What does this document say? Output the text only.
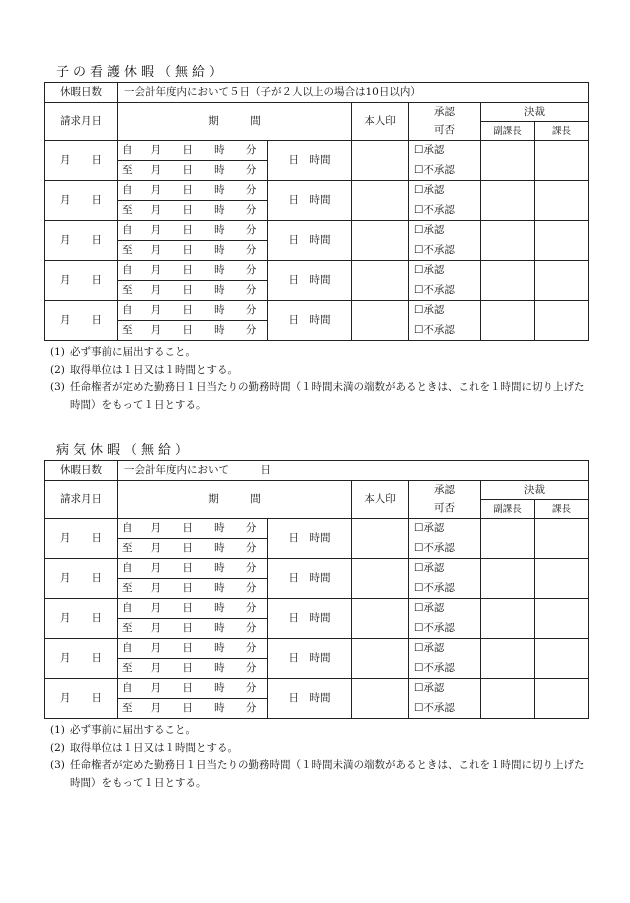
子の看護休暇（無給）
休暇日数	一会計年度内において５日（子が２人以上の場合は10日以内）					
請求月日	期　　　間		本人印	承認	決裁	
				可否	副課長	課長
月　　日	自 月 日 時 分	日　時間		☐承認		

	至 月 日 時 分			☐不承認		
月　　日	自 月 日 時 分	日　時間		☐承認		

	至 月 日 時 分			☐不承認		
月　　日	自 月 日 時 分	日　時間		☐承認		

	至 月 日 時 分			☐不承認		
月　　日	自 月 日 時 分	日　時間		☐承認		

	至 月 日 時 分			☐不承認		
月　　日	自 月 日 時 分	日　時間		☐承認		

	至 月 日 時 分			☐不承認		
(1) 必ず事前に届出すること。
(2) 取得単位は１日又は１時間とする。
(3) 任命権者が定めた勤務日１日当たりの勤務時間（１時間未満の端数があるときは、これを１時間に切り上げた時間）をもって１日とする。
病気休暇（無給）
休暇日数	一会計年度内において　　　日					
請求月日	期　　　間		本人印	承認	決裁	
				可否	副課長	課長
月　　日	自 月 日 時 分	日　時間		☐承認		

	至 月 日 時 分			☐不承認		
月　　日	自 月 日 時 分	日　時間		☐承認		

	至 月 日 時 分			☐不承認		
月　　日	自 月 日 時 分	日　時間		☐承認		

	至 月 日 時 分			☐不承認		
月　　日	自 月 日 時 分	日　時間		☐承認		

	至 月 日 時 分			☐不承認		
月　　日	自 月 日 時 分	日　時間		☐承認		

	至 月 日 時 分			☐不承認		
(1) 必ず事前に届出すること。
(2) 取得単位は１日又は１時間とする。
(3) 任命権者が定めた勤務日１日当たりの勤務時間（１時間未満の端数があるときは、これを１時間に切り上げた時間）をもって１日とする。
